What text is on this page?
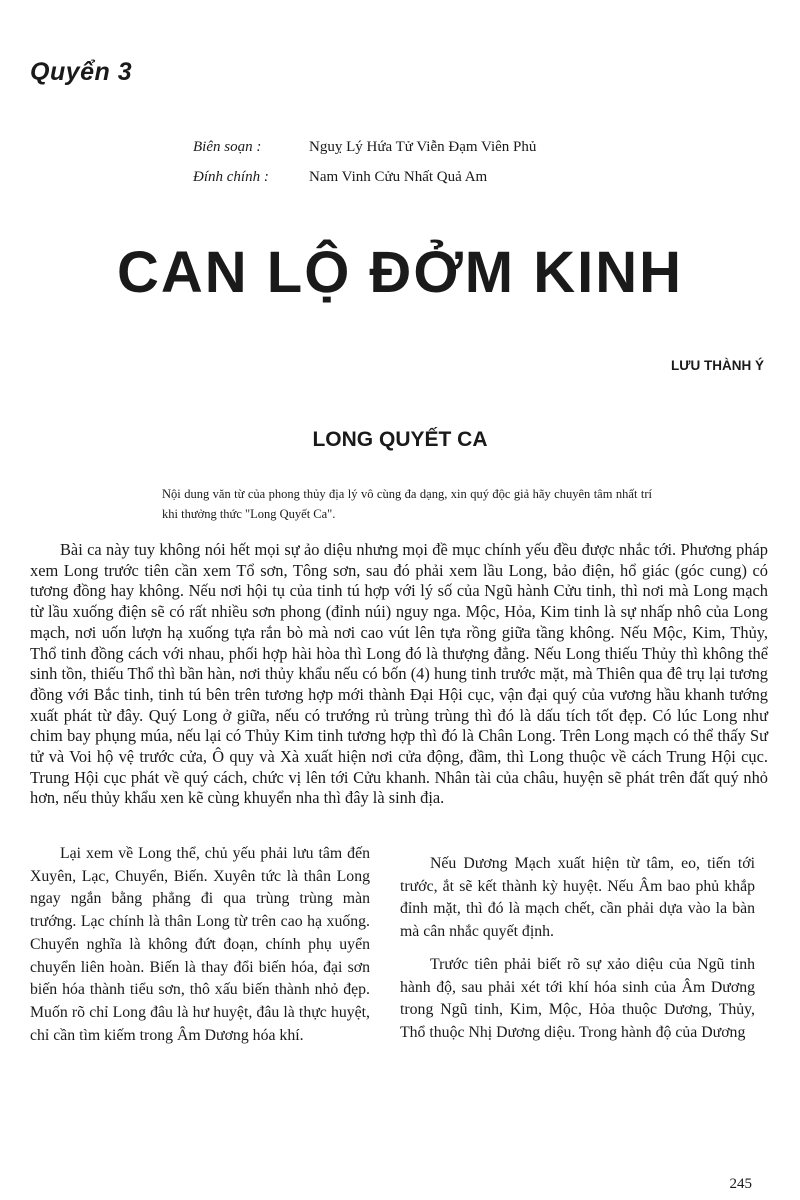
Quyển 3
Biên soạn :	Nguỵ Lý Hứa Tử Viễn Đạm Viên Phủ
Đính chính :	Nam Vinh Cửu Nhất Quả Am
CAN LỘ ĐỞM KINH
LƯU THÀNH Ý
LONG QUYẾT CA
Nội dung văn từ của phong thủy địa lý vô cùng đa dạng, xin quý độc giả hãy chuyên tâm nhất trí khi thưởng thức "Long Quyết Ca".

Bài ca này tuy không nói hết mọi sự ảo diệu nhưng mọi đề mục chính yếu đều được nhắc tới. Phương pháp xem Long trước tiên cần xem Tổ sơn, Tông sơn, sau đó phải xem lầu Long, bảo điện, hổ giác (góc cung) có tương đồng hay không. Nếu nơi hội tụ của tinh tú hợp với lý số của Ngũ hành Cửu tinh, thì nơi mà Long mạch từ lầu xuống điện sẽ có rất nhiều sơn phong (đỉnh núi) nguy nga. Mộc, Hỏa, Kim tinh là sự nhấp nhô của Long mạch, nơi uốn lượn hạ xuống tựa rắn bò mà nơi cao vút lên tựa rồng giữa tầng không. Nếu Mộc, Kim, Thủy, Thổ tinh đồng cách với nhau, phối hợp hài hòa thì Long đó là thượng đẳng. Nếu Long thiếu Thủy thì không thể sinh tồn, thiếu Thổ thì bần hàn, nơi thủy khẩu nếu có bốn (4) hung tinh trước mặt, mà Thiên qua đê trụ lại tương đồng với Bắc tinh, tinh tú bên trên tương hợp mới thành Đại Hội cục, vận đại quý của vương hầu khanh tướng xuất phát từ đây. Quý Long ở giữa, nếu có trướng rủ trùng trùng thì đó là dấu tích tốt đẹp. Có lúc Long như chim bay phụng múa, nếu lại có Thủy Kim tinh tương hợp thì đó là Chân Long. Trên Long mạch có thể thấy Sư tử và Voi hộ vệ trước cửa, Ô quy và Xà xuất hiện nơi cửa động, đầm, thì Long thuộc về cách Trung Hội cục. Trung Hội cục phát về quý cách, chức vị lên tới Cửu khanh. Nhân tài của châu, huyện sẽ phát trên đất quý nhỏ hơn, nếu thủy khẩu xen kẽ cùng khuyển nha thì đây là sinh địa.

Lại xem về Long thể, chủ yếu phải lưu tâm đến Xuyên, Lạc, Chuyển, Biến. Xuyên tức là thân Long ngay ngắn bằng phẳng đi qua trùng trùng màn trướng. Lạc chính là thân Long từ trên cao hạ xuống. Chuyển nghĩa là không đứt đoạn, chính phụ uyển chuyển liên hoàn. Biến là thay đổi biến hóa, đại sơn biến hóa thành tiểu sơn, thô xấu biến thành nhỏ đẹp. Muốn rõ chỉ Long đâu là hư huyệt, đâu là thực huyệt, chỉ cần tìm kiếm trong Âm Dương hóa khí.

Nếu Dương Mạch xuất hiện từ tâm, eo, tiến tới trước, ắt sẽ kết thành kỳ huyệt. Nếu Âm bao phủ khắp đỉnh mặt, thì đó là mạch chết, cần phải dựa vào la bàn mà cân nhắc quyết định.

Trước tiên phải biết rõ sự xảo diệu của Ngũ tinh hành độ, sau phải xét tới khí hóa sinh của Âm Dương trong Ngũ tinh, Kim, Mộc, Hỏa thuộc Dương, Thủy, Thổ thuộc Nhị Dương diệu. Trong hành độ của Dương

245
